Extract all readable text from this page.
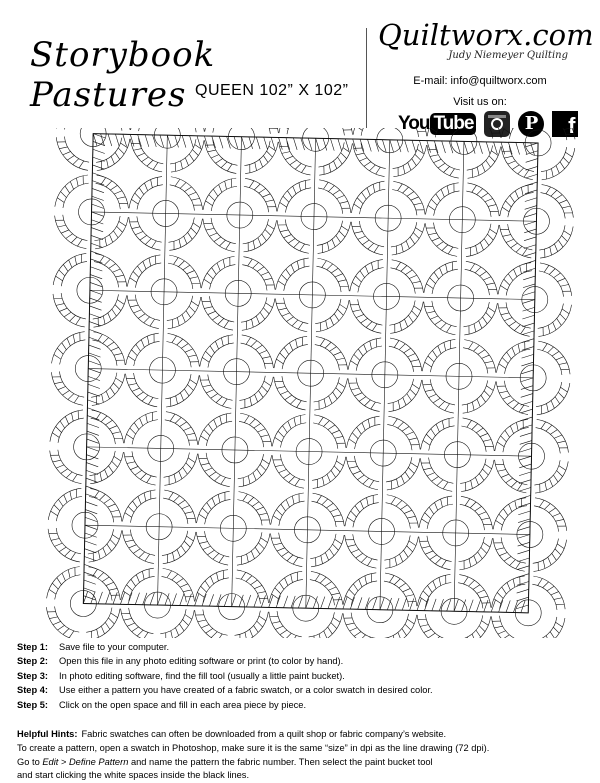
Storybook Pastures QUEEN 102” X 102”
Quiltworx.com
Judy Niemeyer Quilting
E-mail: info@quiltworx.com
Visit us on:
You Tube	P	f
Step 1: Save file to your computer.
Step 2: Open this file in any photo editing software or print (to color by hand).
Step 3: In photo editing software, find the fill tool (usually a little paint bucket).
Step 4: Use either a pattern you have created of a fabric swatch, or a color swatch in desired color.
Step 5: Click on the open space and fill in each area piece by piece.
Helpful Hints: Fabric swatches can often be downloaded from a quilt shop or fabric company’s website.
To create a pattern, open a swatch in Photoshop, make sure it is the same “size” in dpi as the line drawing (72 dpi).
Go to Edit > Define Pattern and name the pattern the fabric number. Then select the paint bucket tool
and start clicking the white spaces inside the black lines.
